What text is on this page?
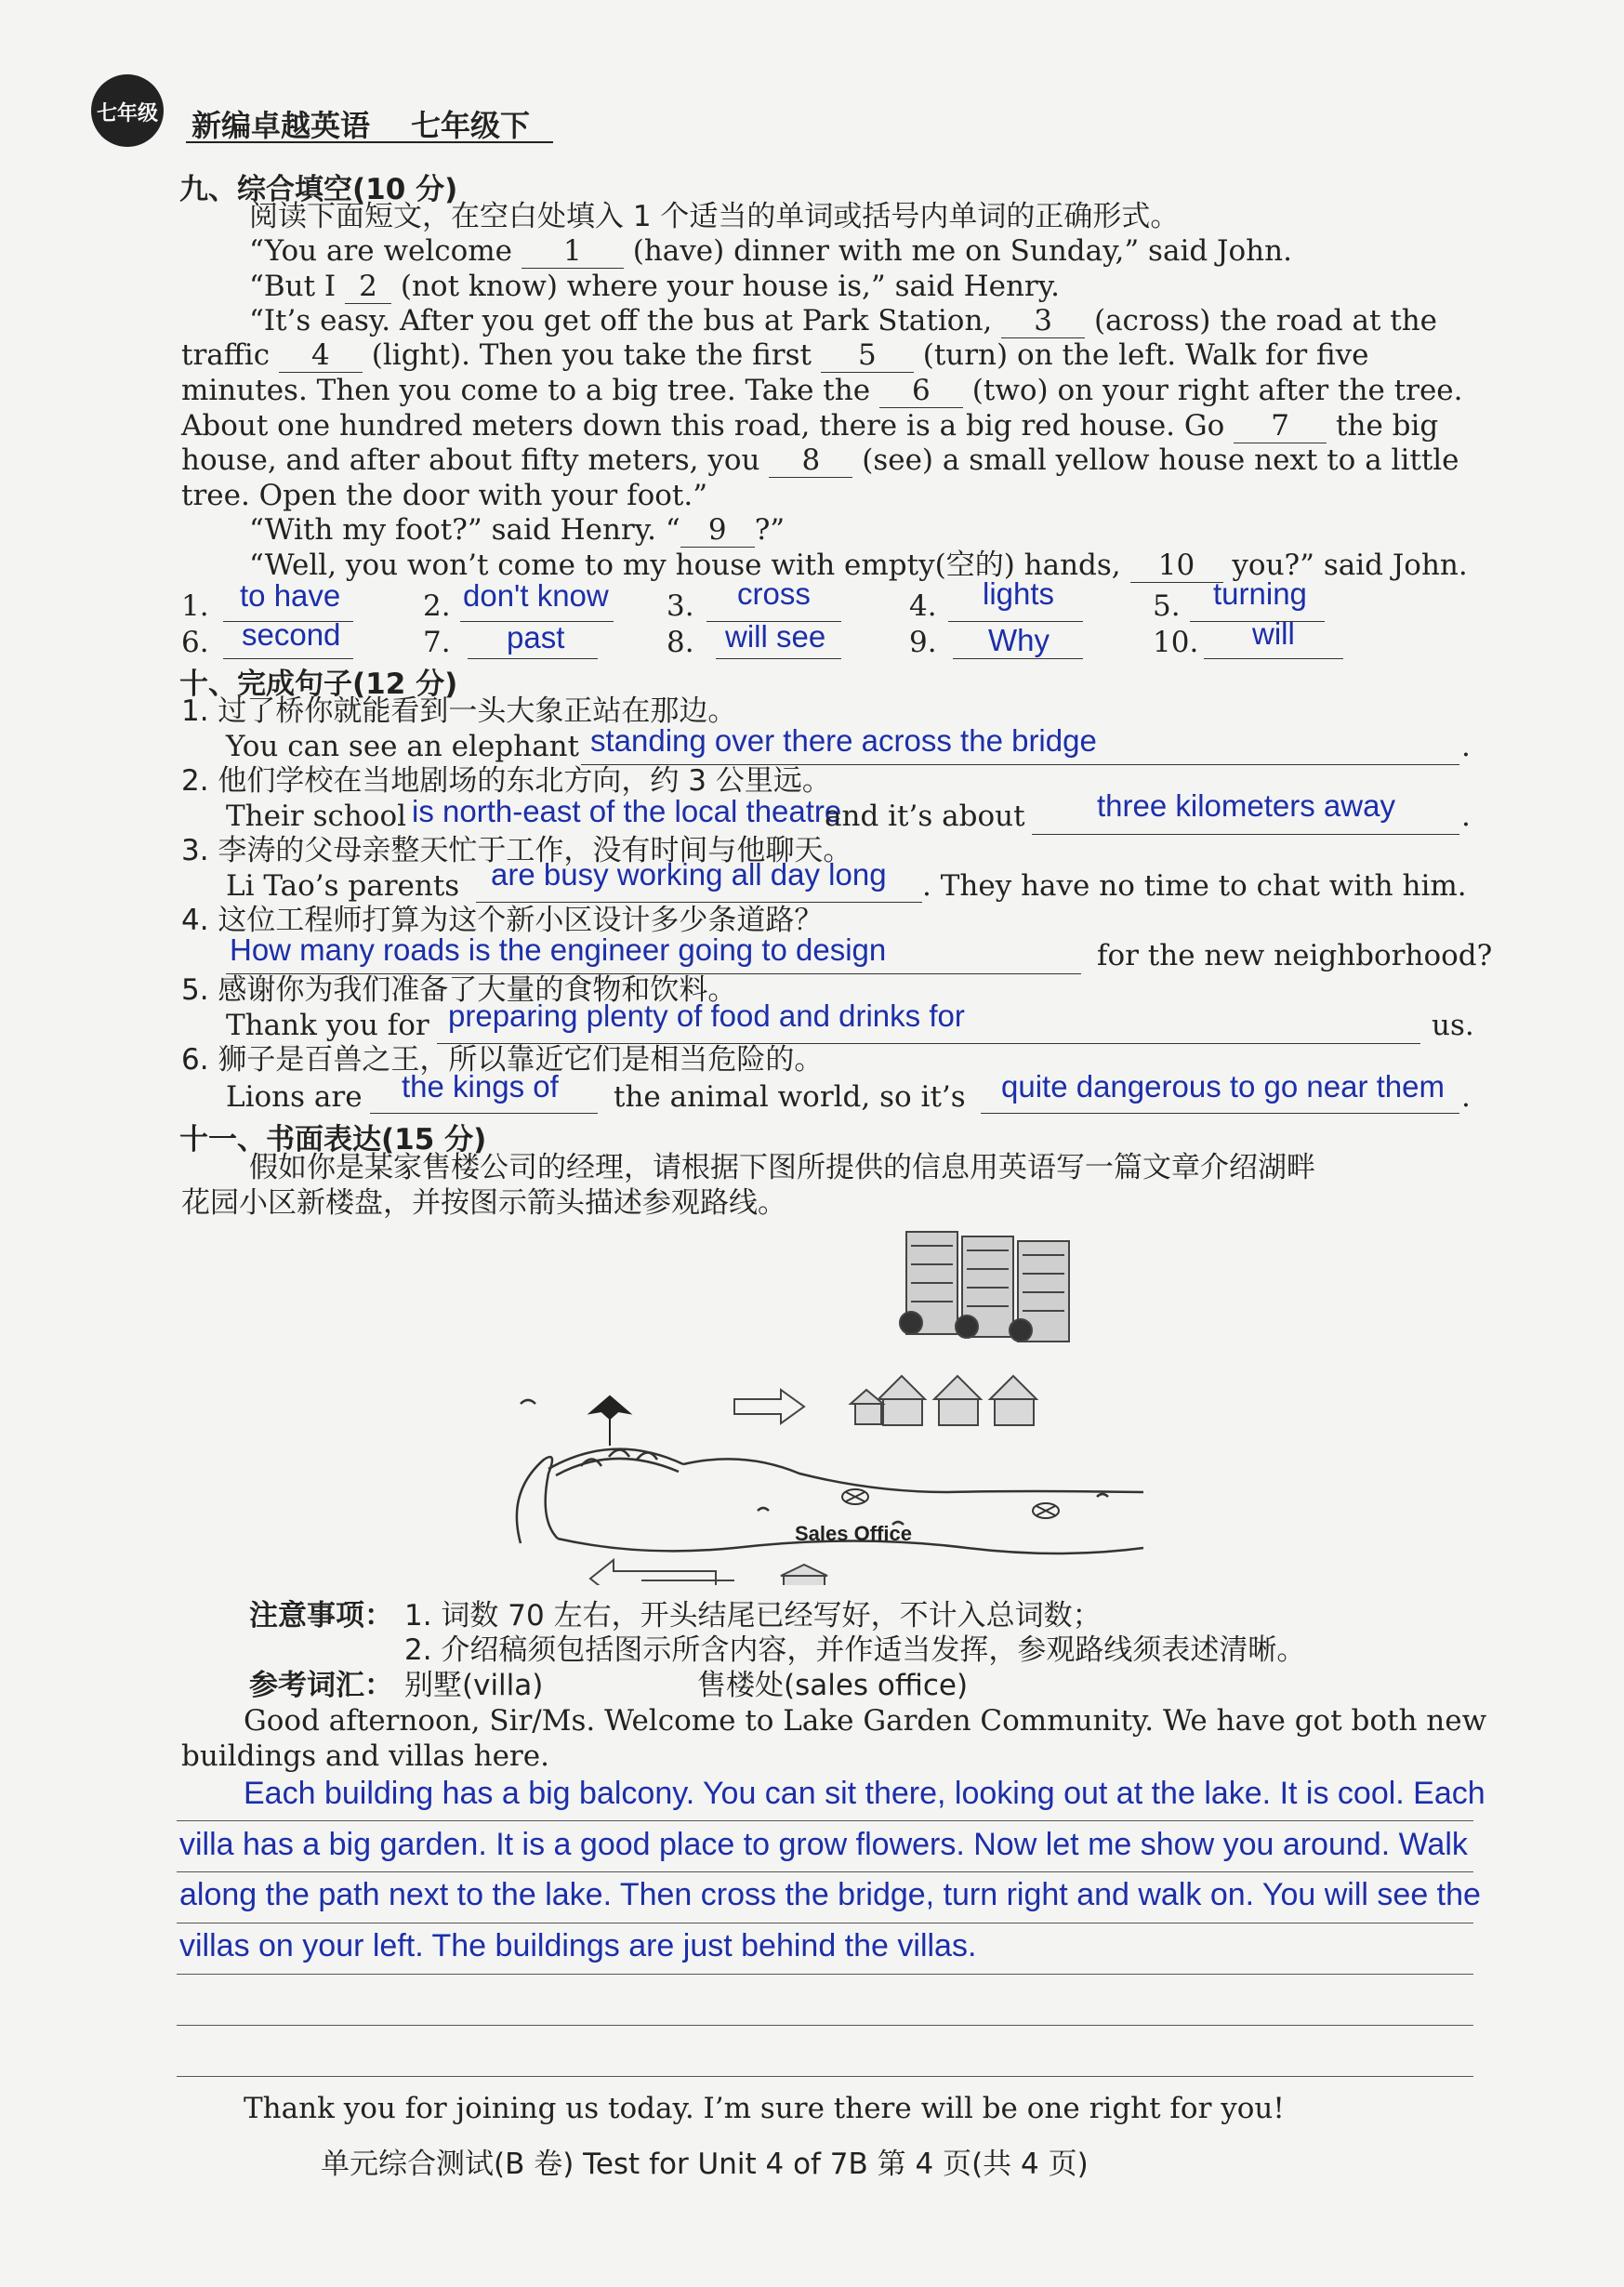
七年级 新编卓越英语 七年级下
九、综合填空(10 分)
阅读下面短文，在空白处填入 1 个适当的单词或括号内单词的正确形式。
“You are welcome 1 (have) dinner with me on Sunday,” said John.
“But I 2 (not know) where your house is,” said Henry.
“It’s easy. After you get off the bus at Park Station, 3 (across) the road at the
traffic 4 (light). Then you take the first 5 (turn) on the left. Walk for five
minutes. Then you come to a big tree. Take the 6 (two) on your right after the tree.
About one hundred meters down this road, there is a big red house. Go 7 the big
house, and after about fifty meters, you 8 (see) a small yellow house next to a little
tree. Open the door with your foot.”
“With my foot?” said Henry. “ 9 ?”
“Well, you won’t come to my house with empty(空的) hands, 10 you?” said John.
1. to have	2. don't know 3. cross	4. lights	5. turning
6. second	7. past	8. will see	9. Why	10. will
十、完成句子(12 分)
1. 过了桥你就能看到一头大象正站在那边。
You can see an elephant standing over there across the bridge	.
2. 他们学校在当地剧场的东北方向，约 3 公里远。
Their school is north-east of the local theatre
and it’s about three kilometers away .
3. 李涛的父母亲整天忙于工作，没有时间与他聊天。
Li Tao’s parents are busy working all day long . They have no time to chat with him.
4. 这位工程师打算为这个新小区设计多少条道路？
How many roads is the engineer going to design	for the new neighborhood?
5. 感谢你为我们准备了大量的食物和饮料。
Thank you for preparing plenty of food and drinks for	us.
6. 狮子是百兽之王，所以靠近它们是相当危险的。
Lions are the kings of the animal world, so it’s quite dangerous to go near them .
十一、书面表达(15 分)
假如你是某家售楼公司的经理，请根据下图所提供的信息用英语写一篇文章介绍湖畔
花园小区新楼盘，并按图示箭头描述参观路线。
Sales Office
注意事项： 1. 词数 70 左右，开头结尾已经写好，不计入总词数；
2. 介绍稿须包括图示所含内容，并作适当发挥，参观路线须表述清晰。
参考词汇： 别墅(villa)	售楼处(sales office)
Good afternoon, Sir/Ms. Welcome to Lake Garden Community. We have got both new
buildings and villas here.
Each building has a big balcony. You can sit there, looking out at the lake. It is cool. Each
villa has a big garden. It is a good place to grow flowers. Now let me show you around. Walk
along the path next to the lake. Then cross the bridge, turn right and walk on. You will see the
villas on your left. The buildings are just behind the villas.
Thank you for joining us today. I’m sure there will be one right for you!
单元综合测试(B 卷) Test for Unit 4 of 7B 第 4 页(共 4 页)
